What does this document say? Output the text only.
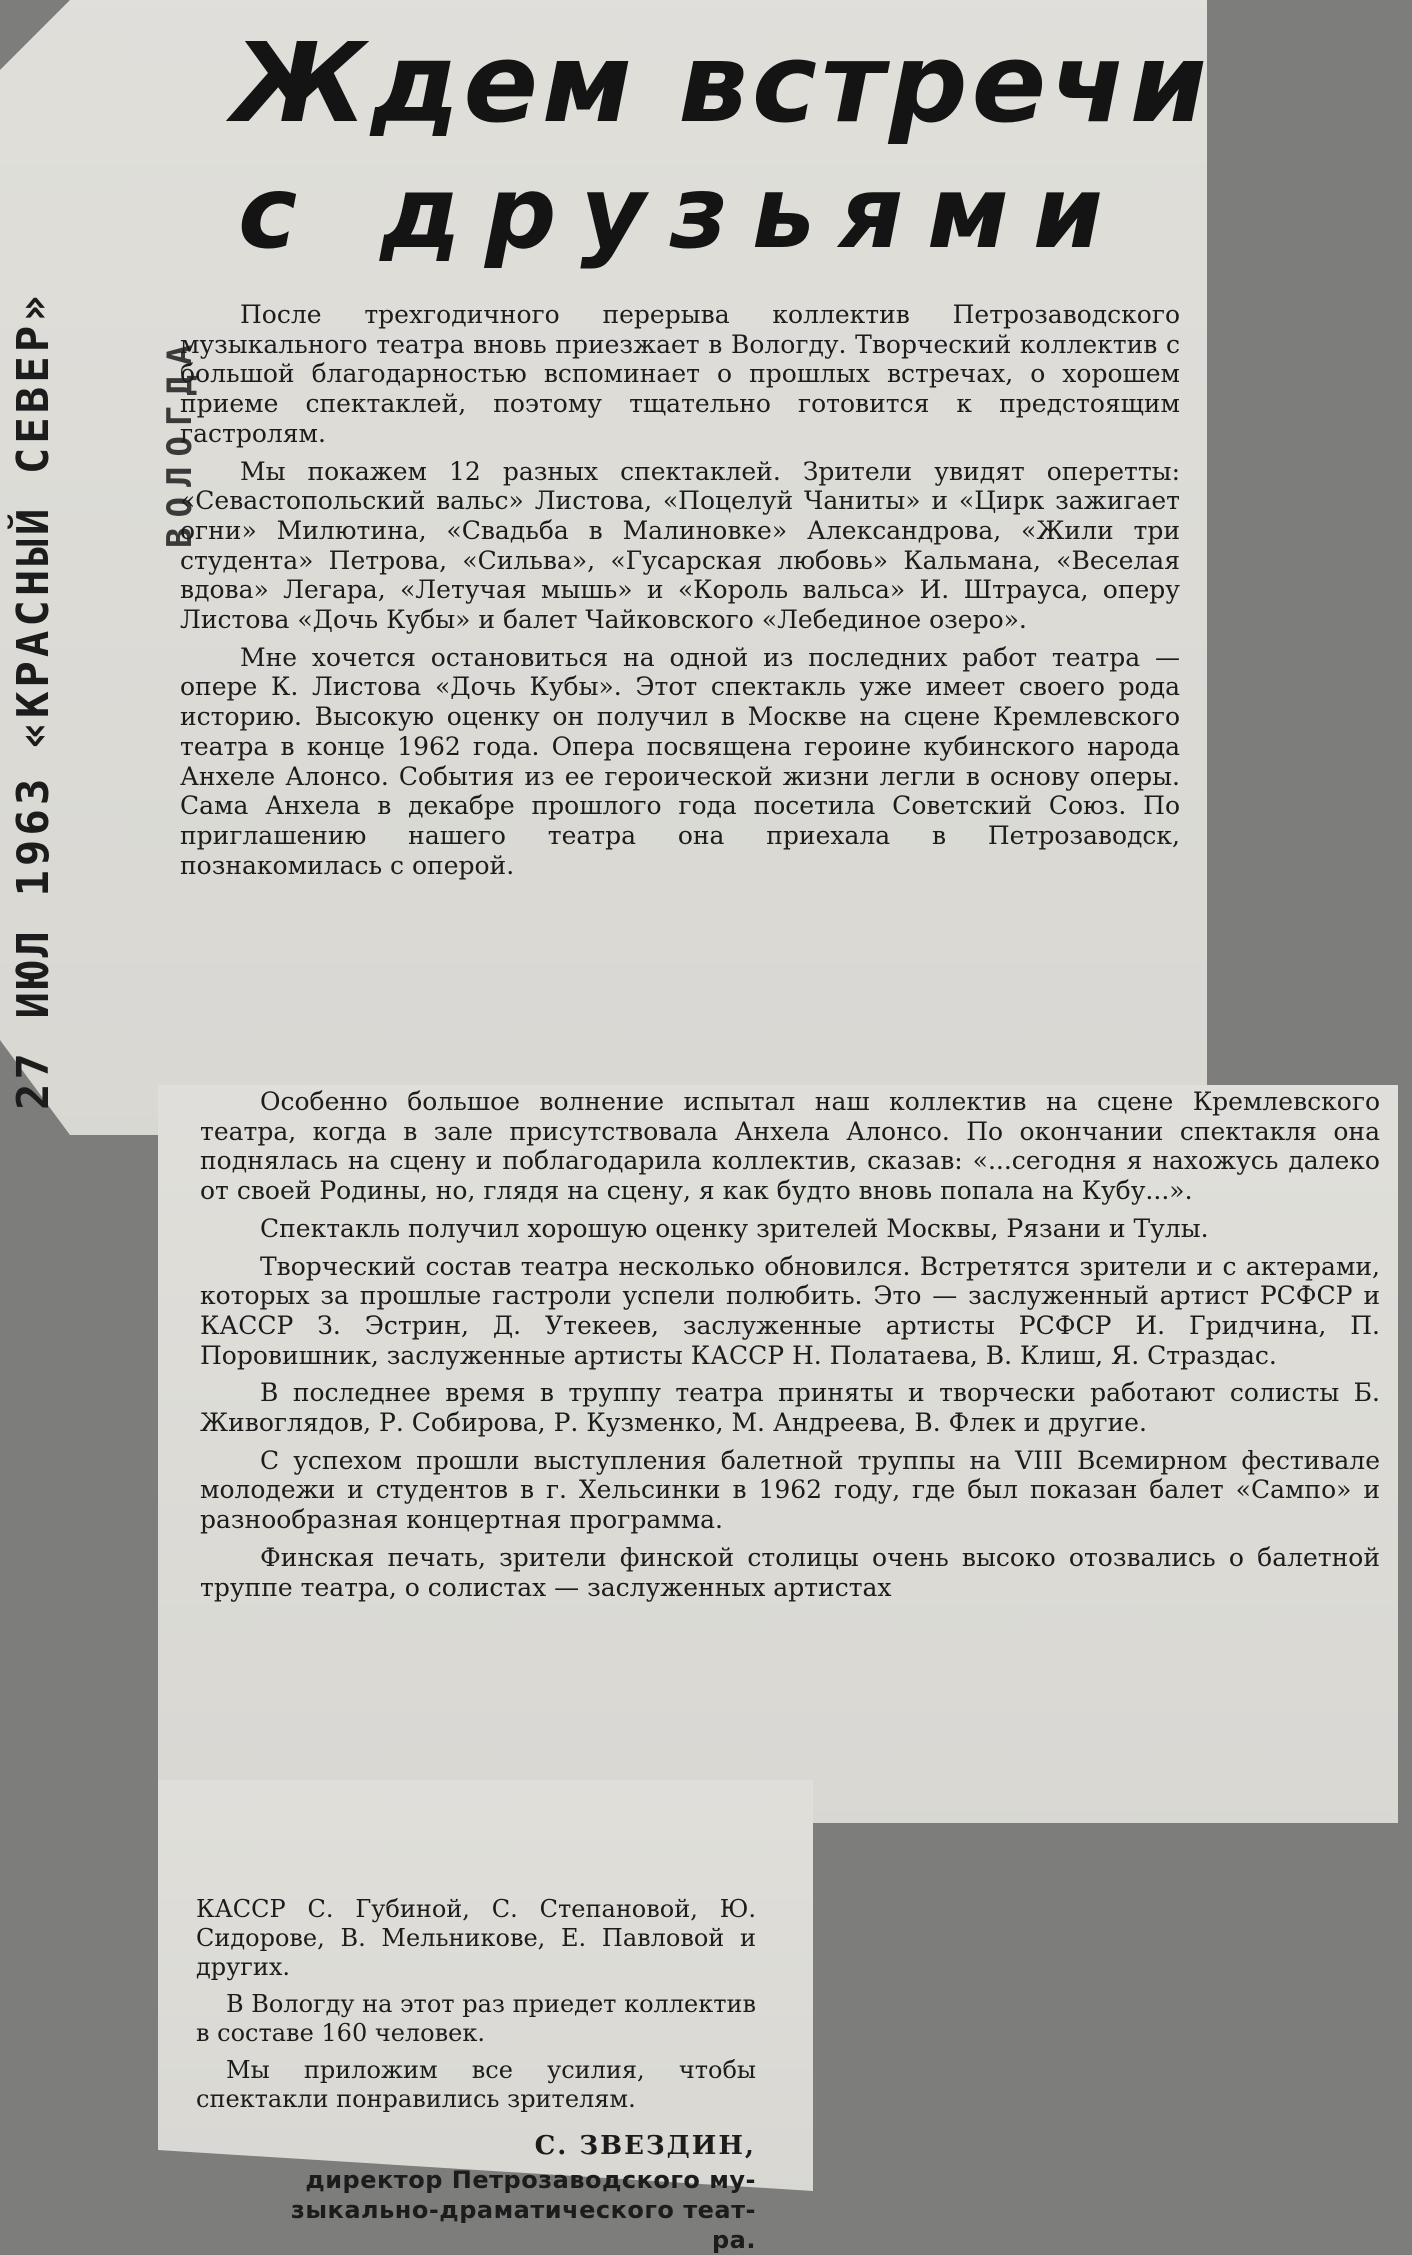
27 ИЮЛ 1963«КРАСНЫЙ СЕВЕР»	ВОЛОГДА
Ждем встречи
с друзьями

После трехгодичного перерыва коллектив Петрозаводского музыкального театра вновь приезжает в Вологду. Творческий коллектив с большой благодарностью вспоминает о прошлых встречах, о хорошем приеме спектаклей, поэтому тщательно готовится к предстоящим гастролям.

Мы покажем 12 разных спектаклей. Зрители увидят оперетты: «Севастопольский вальс» Листова, «Поцелуй Чаниты» и «Цирк зажигает огни» Милютина, «Свадьба в Малиновке» Александрова, «Жили три студента» Петрова, «Сильва», «Гусарская любовь» Кальмана, «Веселая вдова» Легара, «Летучая мышь» и «Король вальса» И. Штрауса, оперу Листова «Дочь Кубы» и балет Чайковского «Лебединое озеро».

Мне хочется остановиться на одной из последних работ театра — опере К. Листова «Дочь Кубы». Этот спектакль уже имеет своего рода историю. Высокую оценку он получил в Москве на сцене Кремлевского театра в конце 1962 года. Опера посвящена героине кубинского народа Анхеле Алонсо. События из ее героической жизни легли в основу оперы. Сама Анхела в декабре прошлого года посетила Советский Союз. По приглашению нашего театра она приехала в Петрозаводск, познакомилась с оперой.

Особенно большое волнение испытал наш коллектив на сцене Кремлевского театра, когда в зале присутствовала Анхела Алонсо. По окончании спектакля она поднялась на сцену и поблагодарила коллектив, сказав: «...сегодня я нахожусь далеко от своей Родины, но, глядя на сцену, я как будто вновь попала на Кубу...».

Спектакль получил хорошую оценку зрителей Москвы, Рязани и Тулы.

Творческий состав театра несколько обновился. Встретятся зрители и с актерами, которых за прошлые гастроли успели полюбить. Это — заслуженный артист РСФСР и КАССР З. Эстрин, Д. Утекеев, заслуженные артисты РСФСР И. Гридчина, П. Поровишник, заслуженные артисты КАССР Н. Полатаева, В. Клиш, Я. Страздас.

В последнее время в труппу театра приняты и творчески работают солисты Б. Живоглядов, Р. Собирова, Р. Кузменко, М. Андреева, В. Флек и другие.

С успехом прошли выступления балетной труппы на VIII Всемирном фестивале молодежи и студентов в г. Хельсинки в 1962 году, где был показан балет «Сампо» и разнообразная концертная программа.

Финская печать, зрители финской столицы очень высоко отозвались о балетной труппе театра, о солистах — заслуженных артистах

КАССР С. Губиной, С. Степановой, Ю. Сидорове, В. Мельникове, Е. Павловой и других.

В Вологду на этот раз приедет коллектив в составе 160 человек.

Мы приложим все усилия, чтобы спектакли понравились зрителям.

С. ЗВЕЗДИН,
директор Петрозаводского му-
зыкально-драматического теат-
ра.
